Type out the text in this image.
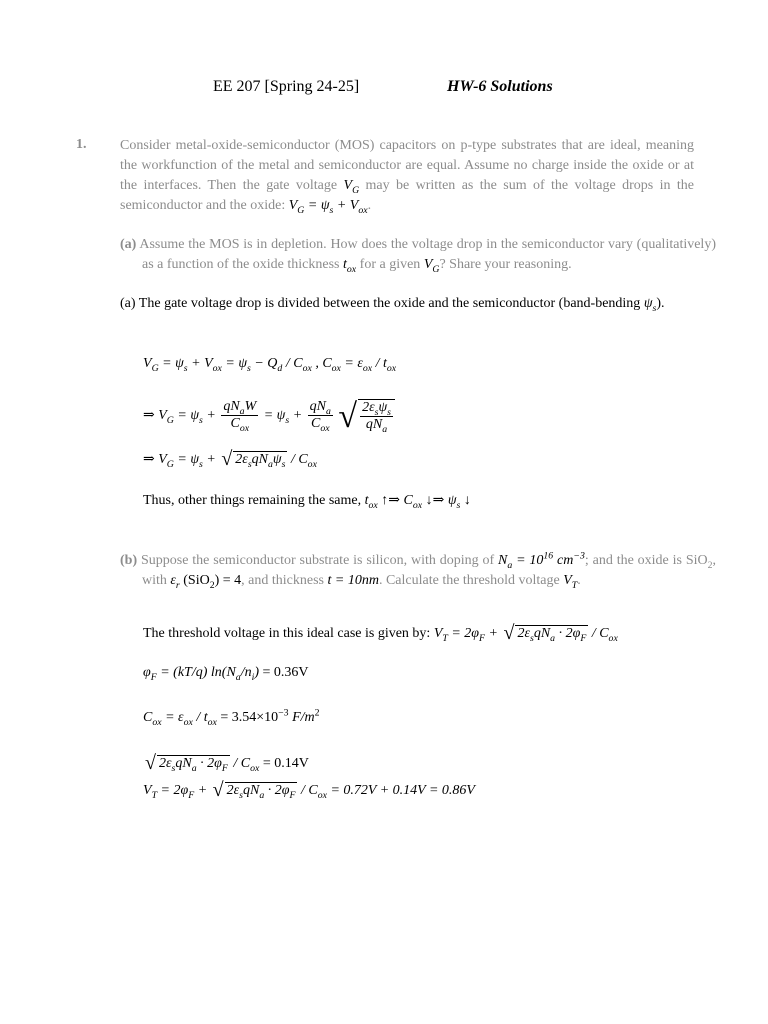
EE 207 [Spring 24-25]	HW-6 Solutions
1. Consider metal-oxide-semiconductor (MOS) capacitors on p-type substrates that are ideal, meaning the workfunction of the metal and semiconductor are equal. Assume no charge inside the oxide or at the interfaces. Then the gate voltage $V_G$ may be written as the sum of the voltage drops in the semiconductor and the oxide: $V_G = \psi_s + V_{ox}$.
(a) Assume the MOS is in depletion. How does the voltage drop in the semiconductor vary (qualitatively) as a function of the oxide thickness $t_{ox}$ for a given $V_G$? Share your reasoning.
(a) The gate voltage drop is divided between the oxide and the semiconductor (band-bending $\psi_s$).
$V_G = \psi_s + V_{ox} = \psi_s - Q_d / C_{ox}$ , $C_{ox} = \varepsilon_{ox} / t_{ox}$
⇒ $V_G = \psi_s + \frac{qN_aW}{C_{ox}} = \psi_s + \frac{qN_a}{C_{ox}}$ √ $\frac{2\varepsilon_s\psi_s}{qN_a}$
⇒ $V_G = \psi_s$ + √ $2\varepsilon_sqN_a\psi_s / C_{ox}$
Thus, other things remaining the same, $t_{ox}$ ↑⇒ $C_{ox}$ ↓⇒ $\psi_s$ ↓
(b) Suppose the semiconductor substrate is silicon, with doping of $N_a = 10^{16}$ $cm^{-3}$; and the oxide is SiO$_2$, with $\varepsilon_r$ (SiO$_2$) = 4, and thickness t = 10nm. Calculate the threshold voltage $V_T$.
The threshold voltage in this ideal case is given by: $V_T = 2\varphi_F$ + √ $2\varepsilon_sqN_a \cdot 2\varphi_F / C_{ox}$
$\varphi_F = (kT/q) \ln(N_a/n_i) = 0.36V$
$C_{ox} = \varepsilon_{ox} / t_{ox} = 3.54\times 10^{-3}$ $F/m^2$
√ $2\varepsilon_sqN_a \cdot 2\varphi_F / C_{ox} = 0.14V$
$V_T = 2\varphi_F$ + √ $2\varepsilon_sqN_a \cdot 2\varphi_F / C_{ox} = 0.72V + 0.14V = 0.86V$
